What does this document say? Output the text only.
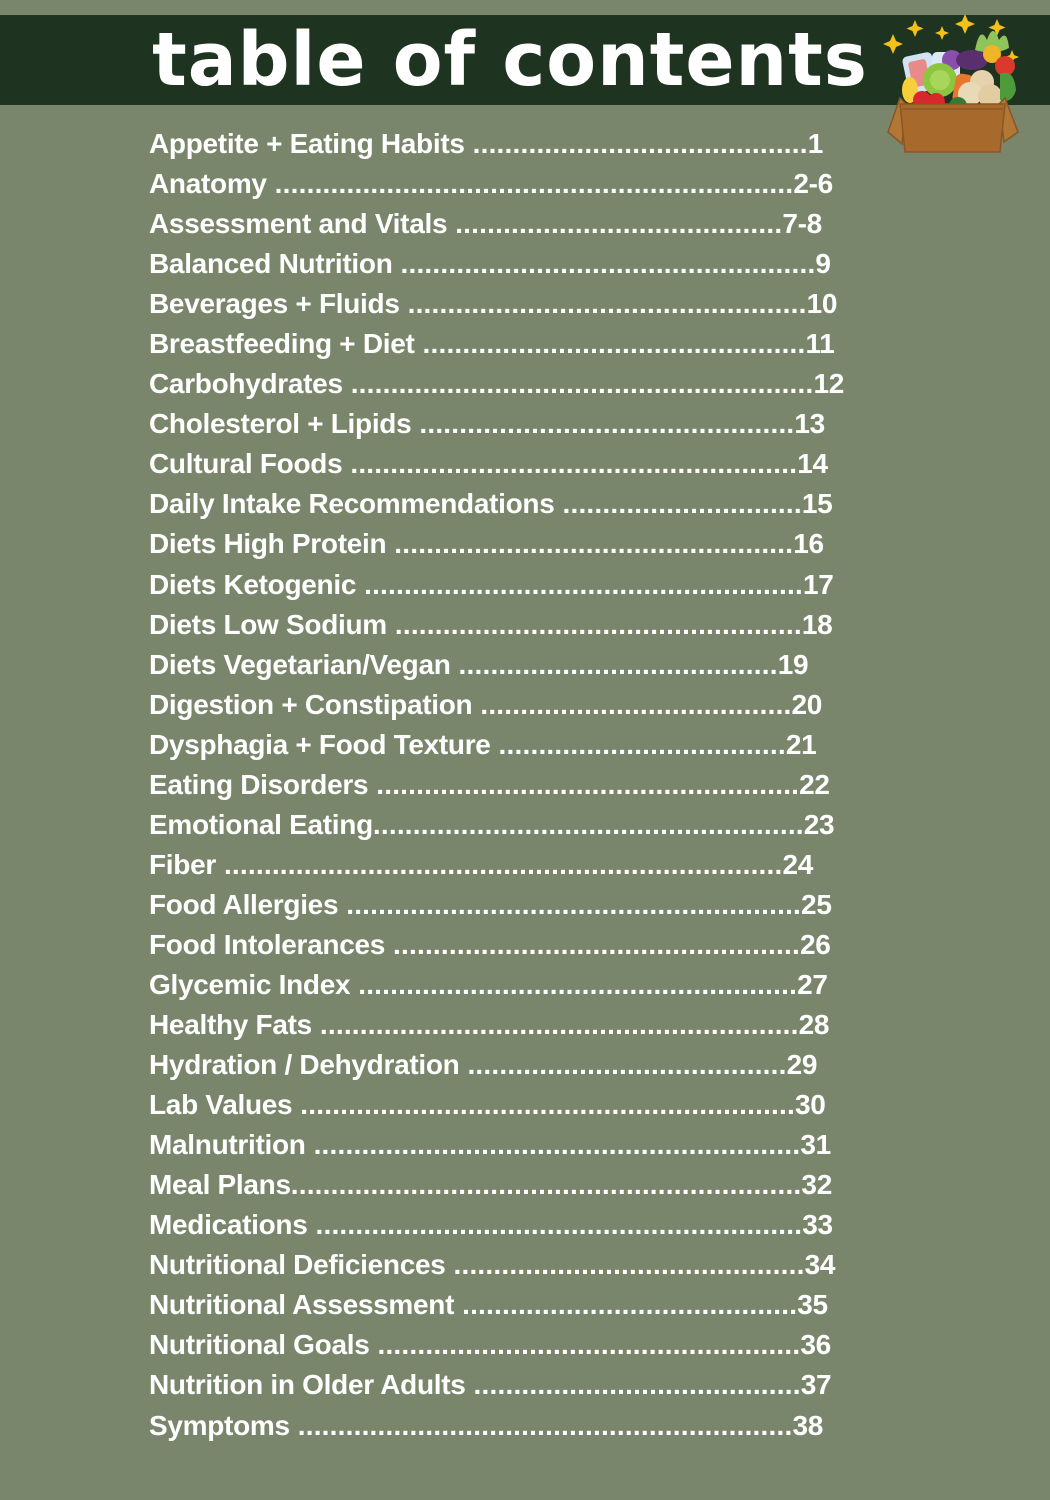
table of contents
Appetite + Eating Habits ..........................................1
Anatomy .................................................................2-6
Assessment and Vitals .........................................7-8
Balanced Nutrition ....................................................9
Beverages + Fluids ..................................................10
Breastfeeding + Diet ................................................11
Carbohydrates ..........................................................12
Cholesterol + Lipids ...............................................13
Cultural Foods ........................................................14
Daily Intake Recommendations ..............................15
Diets High Protein ..................................................16
Diets Ketogenic .......................................................17
Diets Low Sodium ...................................................18
Diets Vegetarian/Vegan ........................................19
Digestion + Constipation .......................................20
Dysphagia + Food Texture ....................................21
Eating Disorders .....................................................22
Emotional Eating......................................................23
Fiber ......................................................................24
Food Allergies .........................................................25
Food Intolerances ...................................................26
Glycemic Index .......................................................27
Healthy Fats ............................................................28
Hydration / Dehydration ........................................29
Lab Values ..............................................................30
Malnutrition .............................................................31
Meal Plans................................................................32
Medications .............................................................33
Nutritional Deficiences ............................................34
Nutritional Assessment ..........................................35
Nutritional Goals .....................................................36
Nutrition in Older Adults .........................................37
Symptoms ..............................................................38
